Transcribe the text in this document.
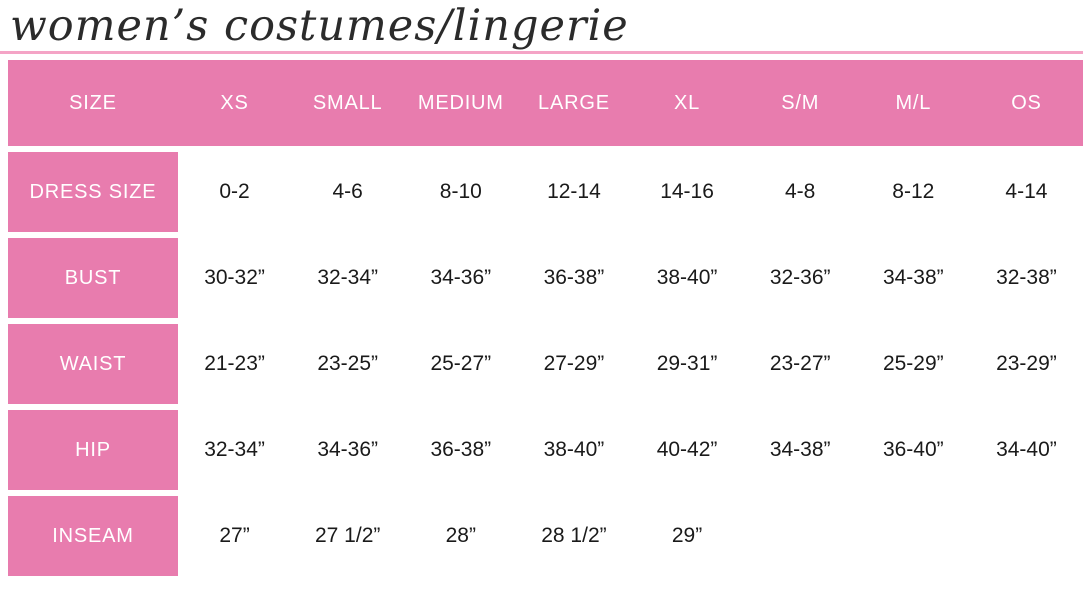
women’s costumes/lingerie
SIZE	XS	SMALL	MEDIUM	LARGE	XL	S/M	M/L	OS
DRESS SIZE	0-2	4-6	8-10	12-14	14-16	4-8	8-12	4-14
BUST	30-32”	32-34”	34-36”	36-38”	38-40”	32-36”	34-38”	32-38”
WAIST	21-23”	23-25”	25-27”	27-29”	29-31”	23-27”	25-29”	23-29”
HIP	32-34”	34-36”	36-38”	38-40”	40-42”	34-38”	36-40”	34-40”
INSEAM	27”	27 1/2”	28”	28 1/2”	29”			
